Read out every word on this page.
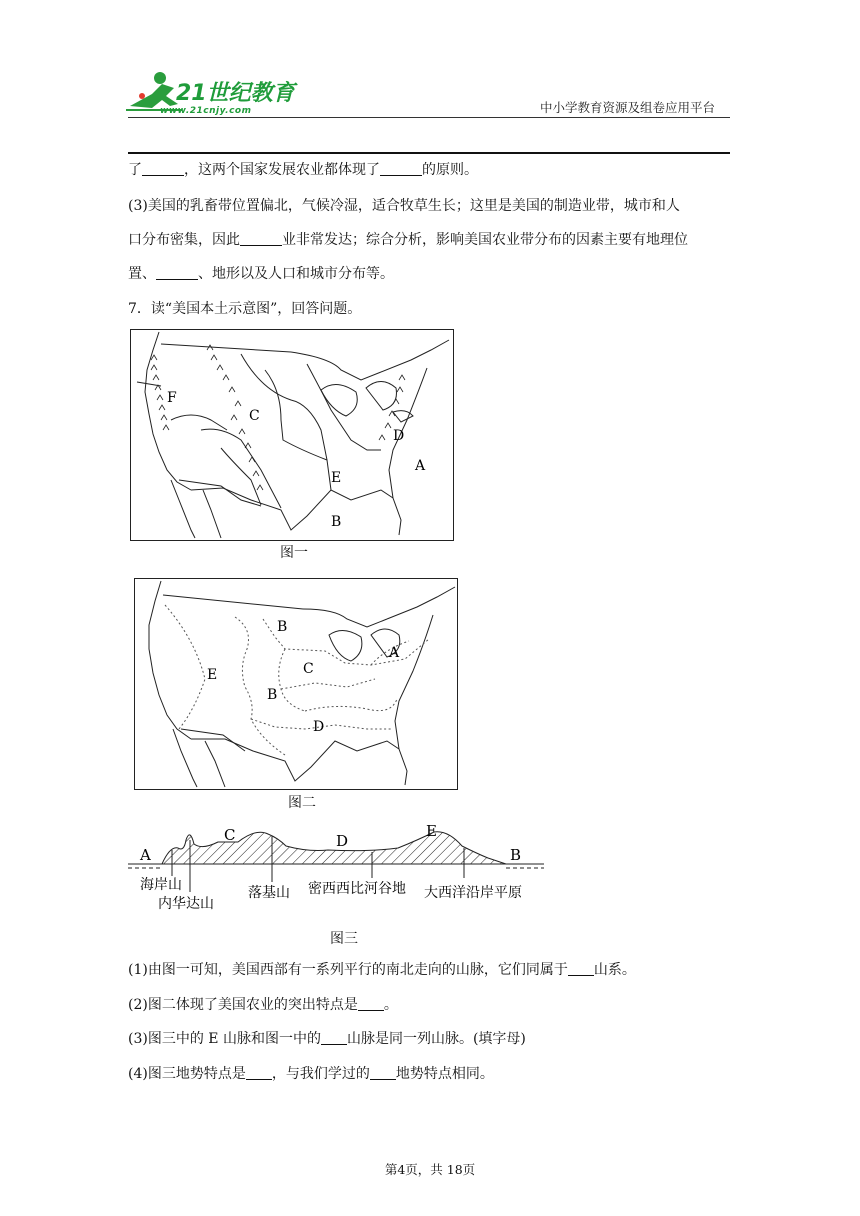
21世纪教育
www.21cnjy.com	中小学教育资源及组卷应用平台
了	，这两个国家发展农业都体现了	的原则。
(3)美国的乳畜带位置偏北，气候冷湿，适合牧草生长；这里是美国的制造业带，城市和人
口分布密集，因此	业非常发达；综合分析，影响美国农业带分布的因素主要有地理位
置、	、地形以及人口和城市分布等。
7．读“美国本土示意图”，回答问题。
F
C
D
A
E
B
图一
B
A
E	C
B
D
图二
A
C	D
E
B
海岸山
内华达山
落基山 密西西比河谷地 大西洋沿岸平原
图三
(1)由图一可知，美国西部有一系列平行的南北走向的山脉，它们同属于 山系。
(2)图二体现了美国农业的突出特点是 。
(3)图三中的 E 山脉和图一中的 山脉是同一列山脉。(填字母)
(4)图三地势特点是 ，与我们学过的 地势特点相同。
第4页，共 18页
